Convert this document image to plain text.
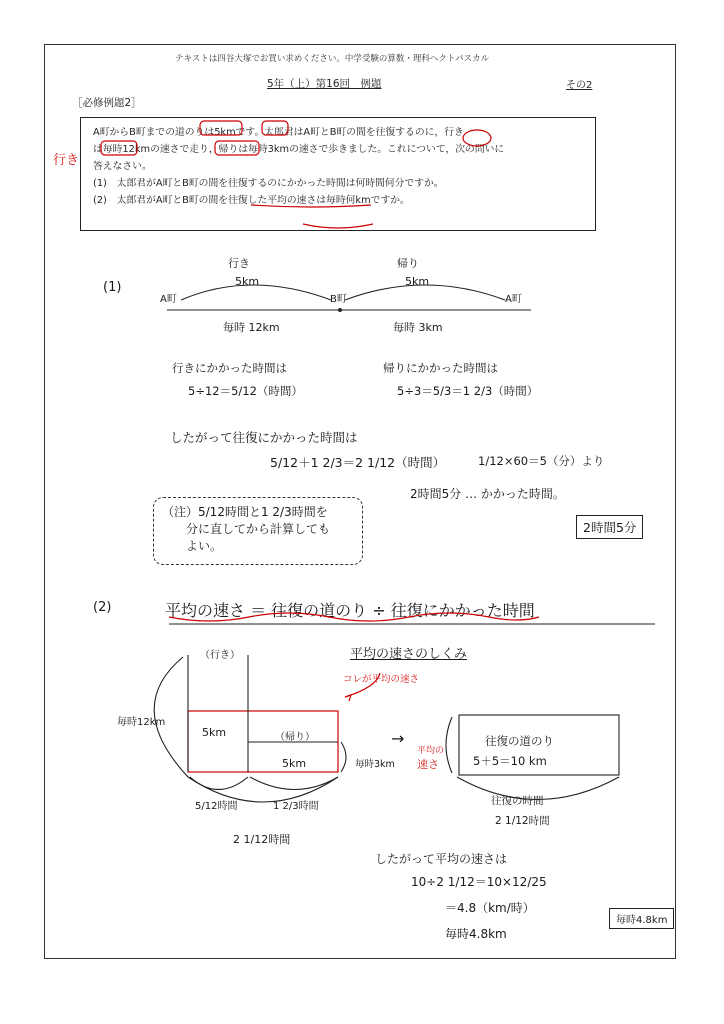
テキストは四谷大塚でお買い求めください。中学受験の算数・理科ヘクトパスカル
5年（上）第16回　例題	その2
［必修例題2］
A町からB町までの道のりは5kmです。太郎君はA町とB町の間を往復するのに，行き
は毎時12kmの速さで走り，帰りは毎時3kmの速さで歩きました。これについて，次の問いに
答えなさい。
(1)　太郎君がA町とB町の間を往復するのにかかった時間は何時間何分ですか。
(2)　太郎君がA町とB町の間を往復した平均の速さは毎時何kmですか。
行き
(1)
行き	帰り
5km	5km
A町	B町	A町
毎時 12km	毎時 3km
行きにかかった時間は
5÷12＝5/12（時間）
帰りにかかった時間は
5÷3＝5/3＝1 2/3（時間）
したがって往復にかかった時間は
5/12＋1 2/3＝2 1/12（時間）	1/12×60＝5（分）より
2時間5分 … かかった時間。
（注）5/12時間と1 2/3時間を
分に直してから計算しても
よい。
2時間5分
(2)	平均の速さ ＝ 往復の道のり ÷ 往復にかかった時間
平均の速さのしくみ
コレが平均の速さ
（行き）
毎時12km
5km	（帰り）
5km	毎時3km
5/12時間	1 2/3時間
2 1/12時間
→
平均の
速さ
往復の道のり
5＋5＝10 km
往復の時間
2 1/12時間
したがって平均の速さは
10÷2 1/12＝10×12/25
＝4.8（km/時）
毎時4.8km
毎時4.8km
